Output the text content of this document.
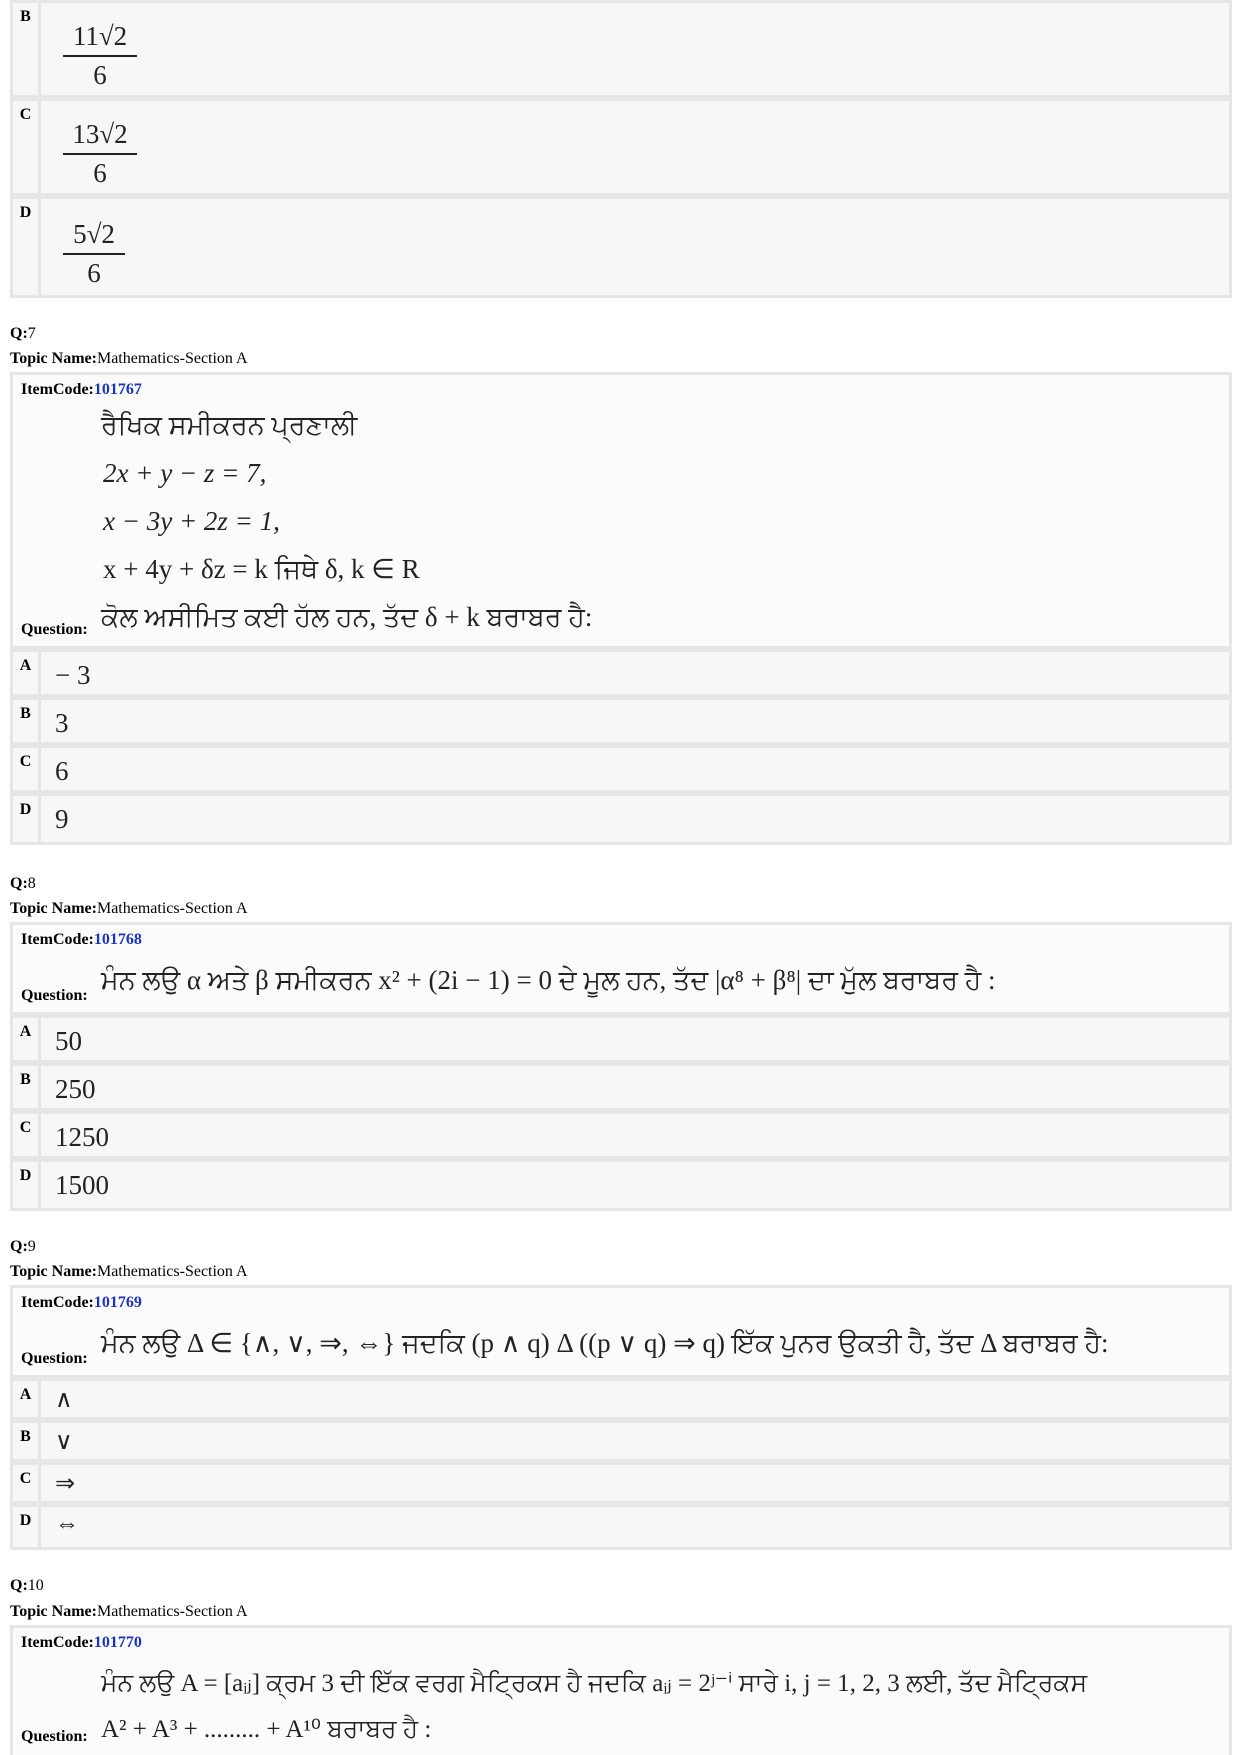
B
$\frac{11√2}{6}$
C
$\frac{13√2}{6}$
D
$\frac{5√2}{6}$
Q:7
Topic Name:Mathematics-Section A
ItemCode:101767
ਰੈਖਿਕ ਸਮੀਕਰਨ ਪ੍ਰਣਾਲੀ
2x + y − z = 7,
x − 3y + 2z = 1,
x + 4y + δz = k ਜਿਥੇ δ, k ∈ R
ਕੋਲ ਅਸੀਮਿਤ ਕਈ ਹੱਲ ਹਨ, ਤੱਦ δ + k ਬਰਾਬਰ ਹੈ:
Question:
A − 3
B 3
C 6
D 9
Q:8
Topic Name:Mathematics-Section A
ItemCode:101768
ਮੰਨ ਲਉ α ਅਤੇ β ਸਮੀਕਰਨ x² + (2i − 1) = 0 ਦੇ ਮੂਲ ਹਨ, ਤੱਦ |α⁸ + β⁸| ਦਾ ਮੁੱਲ ਬਰਾਬਰ ਹੈ :
Question:
A 50
B 250
C 1250
D 1500
Q:9
Topic Name:Mathematics-Section A
ItemCode:101769
ਮੰਨ ਲਉ Δ ∈ {∧, ∨, ⇒, ⇔} ਜਦਕਿ (p ∧ q) Δ ((p ∨ q) ⇒ q) ਇੱਕ ਪੁਨਰ ਉਕਤੀ ਹੈ, ਤੱਦ Δ ਬਰਾਬਰ ਹੈ:
Question:
A ∧
B	∨
C ⇒
D ⇔
Q:10
Topic Name:Mathematics-Section A
ItemCode:101770
ਮੰਨ ਲਉ A = [aᵢⱼ] ਕ੍ਰਮ 3 ਦੀ ਇੱਕ ਵਰਗ ਮੈਟ੍ਰਿਕਸ ਹੈ ਜਦਕਿ aᵢⱼ = 2ʲ⁻ⁱ ਸਾਰੇ i, j = 1, 2, 3 ਲਈ, ਤੱਦ ਮੈਟ੍ਰਿਕਸ
A² + A³ + ......... + A¹⁰ ਬਰਾਬਰ ਹੈ :
Question:
